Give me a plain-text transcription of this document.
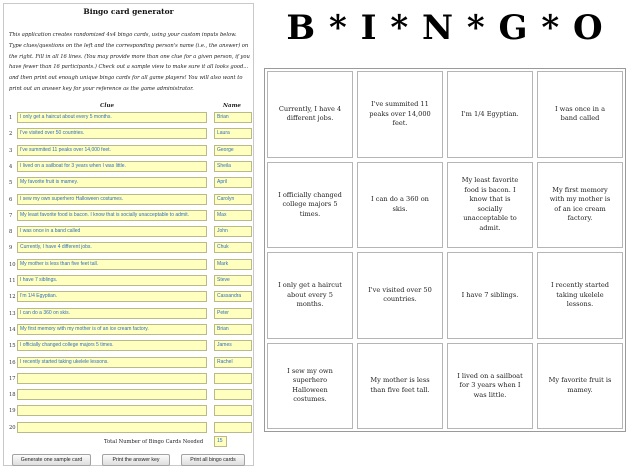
Bingo card generator

This application creates randomized 4x4 bingo cards, using your custom inputs below. Type clues/questions on the left and the corresponding person's name (i.e., the answer) on the right. Fill in all 16 lines. (You may provide more than one clue for a given person, if you have fewer than 16 participants.) Check out a sample view to make sure it all looks good... and then print out enough unique bingo cards for all game players! You will also want to print out an answer key for your reference as the game administrator.

Clue	Name
1	I only get a haircut about every 5 months.	Brian
2	I've visited over 50 countries.	Laura
3	I've summited 11 peaks over 14,000 feet.	George
4	I lived on a sailboat for 3 years when I was little.	Sheila
5	My favorite fruit is mamey.	April
6	I sew my own superhero Halloween costumes.	Carolyn
7	My least favorite food is bacon. I know that is socially unacceptable to admit.	Max
8	I was once in a band called	John
9	Currently, I have 4 different jobs.	Chuk
10 My mother is less than five feet tall.	Mark
11 I have 7 siblings.	Steve
12 I'm 1/4 Egyptian.	Cassandra
13 I can do a 360 on skis.	Peter
14 My first memory with my mother is of an ice cream factory.	Brian
15 I officially changed college majors 5 times.	James
16 I recently started taking ukelele lessons.	Rachel
17
18
19
20
Total Number of Bingo Cards Needed	15
Generate one sample card	Print the answer key	Print all bingo cards
B * I * N * G * O
Currently, I have 4 different jobs.
I've summited 11 peaks over 14,000 feet.
I'm 1/4 Egyptian.
I was once in a band called
I officially changed college majors 5 times.
I can do a 360 on skis.
My least favorite food is bacon. I know that is socially unacceptable to admit.
My first memory with my mother is of an ice cream factory.
I only get a haircut about every 5 months.
I've visited over 50 countries.
I have 7 siblings.
I recently started taking ukelele lessons.
I sew my own superhero Halloween costumes.
My mother is less than five feet tall.
I lived on a sailboat for 3 years when I was little.
My favorite fruit is mamey.
